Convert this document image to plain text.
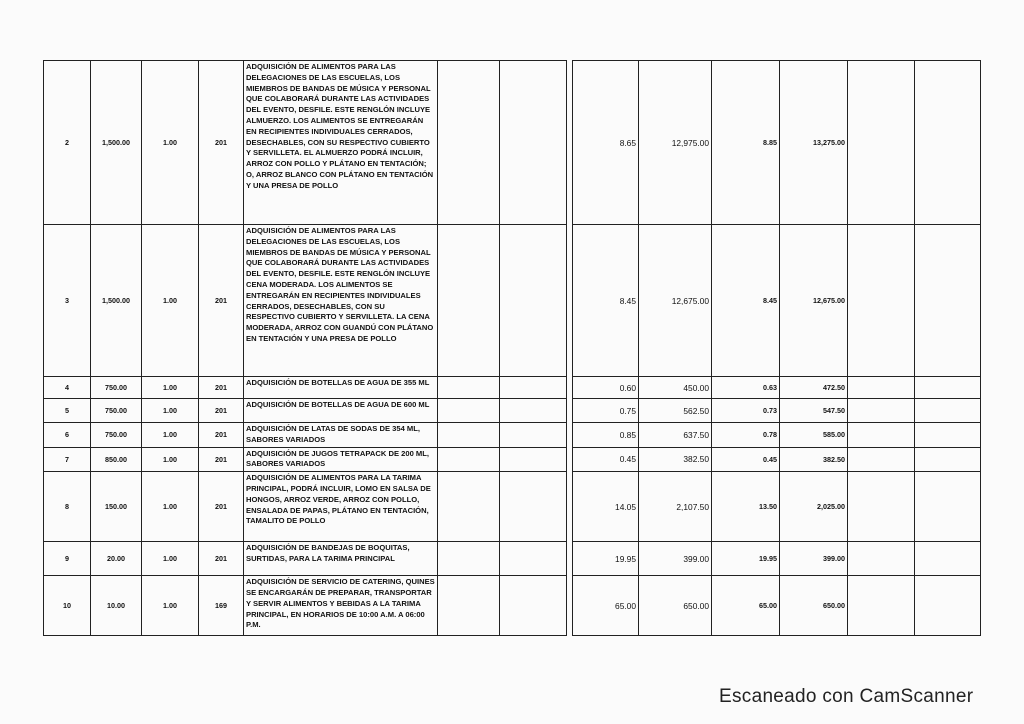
2	1,500.00	1.00	201	ADQUISICIÓN DE ALIMENTOS PARA LAS DELEGACIONES DE LAS ESCUELAS, LOS MIEMBROS DE BANDAS DE MÚSICA Y PERSONAL QUE COLABORARÁ DURANTE LAS ACTIVIDADES DEL EVENTO, DESFILE. ESTE RENGLÓN INCLUYE ALMUERZO. LOS ALIMENTOS SE ENTREGARÁN EN RECIPIENTES INDIVIDUALES CERRADOS, DESECHABLES, CON SU RESPECTIVO CUBIERTO Y SERVILLETA. EL ALMUERZO PODRÁ INCLUIR, ARROZ CON POLLO Y PLÁTANO EN TENTACIÓN; O, ARROZ BLANCO CON PLÁTANO EN TENTACIÓN Y UNA PRESA DE POLLO				8.65	12,975.00	8.85	13,275.00		
3	1,500.00	1.00	201	ADQUISICIÓN DE ALIMENTOS PARA LAS DELEGACIONES DE LAS ESCUELAS, LOS MIEMBROS DE BANDAS DE MÚSICA Y PERSONAL QUE COLABORARÁ DURANTE LAS ACTIVIDADES DEL EVENTO, DESFILE. ESTE RENGLÓN INCLUYE CENA MODERADA. LOS ALIMENTOS SE ENTREGARÁN EN RECIPIENTES INDIVIDUALES CERRADOS, DESECHABLES, CON SU RESPECTIVO CUBIERTO Y SERVILLETA. LA CENA MODERADA, ARROZ CON GUANDÚ CON PLÁTANO EN TENTACIÓN Y UNA PRESA DE POLLO				8.45	12,675.00	8.45	12,675.00		
4	750.00	1.00	201	ADQUISICIÓN DE BOTELLAS DE AGUA DE 355 ML				0.60	450.00	0.63	472.50		
5	750.00	1.00	201	ADQUISICIÓN DE BOTELLAS DE AGUA DE 600 ML				0.75	562.50	0.73	547.50		
6	750.00	1.00	201	ADQUISICIÓN DE LATAS DE SODAS DE 354 ML, SABORES VARIADOS				0.85	637.50	0.78	585.00		
7	850.00	1.00	201	ADQUISICIÓN DE JUGOS TETRAPACK DE 200 ML, SABORES VARIADOS				0.45	382.50	0.45	382.50		
8	150.00	1.00	201	ADQUISICIÓN DE ALIMENTOS PARA LA TARIMA PRINCIPAL, PODRÁ INCLUIR, LOMO EN SALSA DE HONGOS, ARROZ VERDE, ARROZ CON POLLO, ENSALADA DE PAPAS, PLÁTANO EN TENTACIÓN, TAMALITO DE POLLO				14.05	2,107.50	13.50	2,025.00		
9	20.00	1.00	201	ADQUISICIÓN DE BANDEJAS DE BOQUITAS, SURTIDAS, PARA LA TARIMA PRINCIPAL				19.95	399.00	19.95	399.00		
10	10.00	1.00	169	ADQUISICIÓN DE SERVICIO DE CATERING, QUINES SE ENCARGARÁN DE PREPARAR, TRANSPORTAR Y SERVIR ALIMENTOS Y BEBIDAS A LA TARIMA PRINCIPAL, EN HORARIOS DE 10:00 A.M. A 06:00 P.M.				65.00	650.00	65.00	650.00		
Escaneado con CamScanner
